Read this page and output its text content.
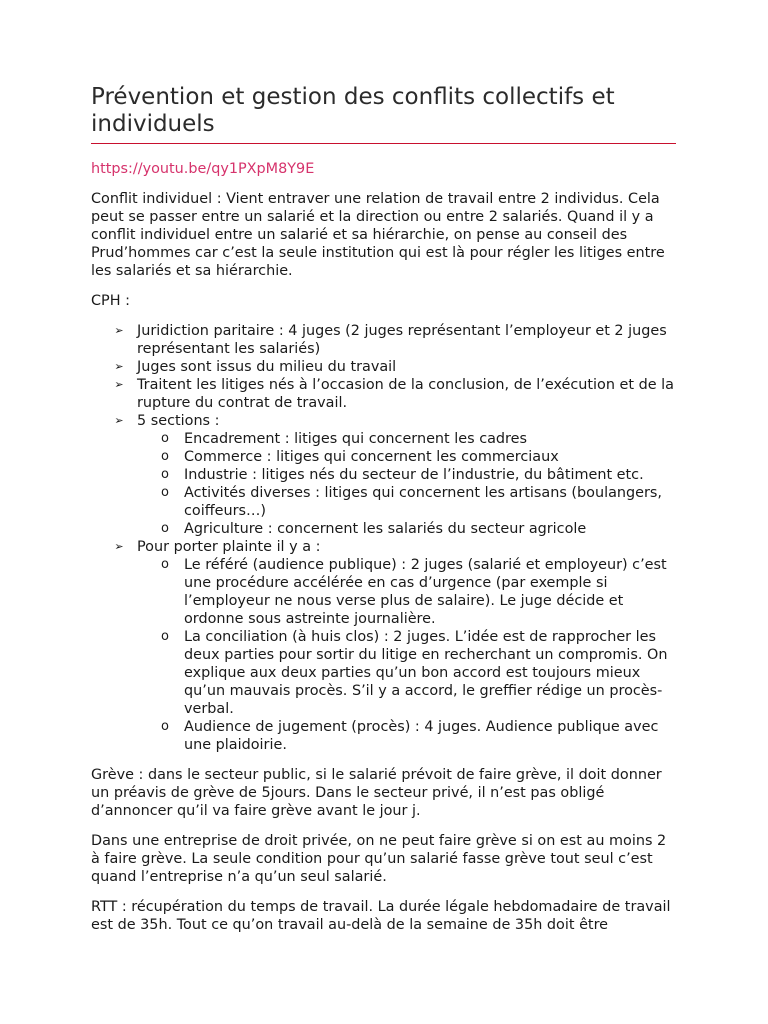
Prévention et gestion des conflits collectifs et individuels
https://youtu.be/qy1PXpM8Y9E

Conflit individuel : Vient entraver une relation de travail entre 2 individus. Cela peut se passer entre un salarié et la direction ou entre 2 salariés. Quand il y a conflit individuel entre un salarié et sa hiérarchie, on pense au conseil des Prud’hommes car c’est la seule institution qui est là pour régler les litiges entre les salariés et sa hiérarchie.

CPH :

➢ Juridiction paritaire : 4 juges (2 juges représentant l’employeur et 2 juges représentant les salariés)
➢ Juges sont issus du milieu du travail
➢ Traitent les litiges nés à l’occasion de la conclusion, de l’exécution et de la rupture du contrat de travail.
➢ 5 sections :
o Encadrement : litiges qui concernent les cadres
o Commerce : litiges qui concernent les commerciaux
o Industrie : litiges nés du secteur de l’industrie, du bâtiment etc.
o Activités diverses : litiges qui concernent les artisans (boulangers, coiffeurs…)
o Agriculture : concernent les salariés du secteur agricole
➢ Pour porter plainte il y a :
o Le référé (audience publique) : 2 juges (salarié et employeur) c’est une procédure accélérée en cas d’urgence (par exemple si l’employeur ne nous verse plus de salaire). Le juge décide et ordonne sous astreinte journalière.
o La conciliation (à huis clos) : 2 juges. L’idée est de rapprocher les deux parties pour sortir du litige en recherchant un compromis. On explique aux deux parties qu’un bon accord est toujours mieux qu’un mauvais procès. S’il y a accord, le greffier rédige un procès-verbal.
o Audience de jugement (procès) : 4 juges. Audience publique avec une plaidoirie.

Grève : dans le secteur public, si le salarié prévoit de faire grève, il doit donner un préavis de grève de 5jours. Dans le secteur privé, il n’est pas obligé d’annoncer qu’il va faire grève avant le jour j.

Dans une entreprise de droit privée, on ne peut faire grève si on est au moins 2 à faire grève. La seule condition pour qu’un salarié fasse grève tout seul c’est quand l’entreprise n’a qu’un seul salarié.

RTT : récupération du temps de travail. La durée légale hebdomadaire de travail est de 35h. Tout ce qu’on travail au-delà de la semaine de 35h doit être
